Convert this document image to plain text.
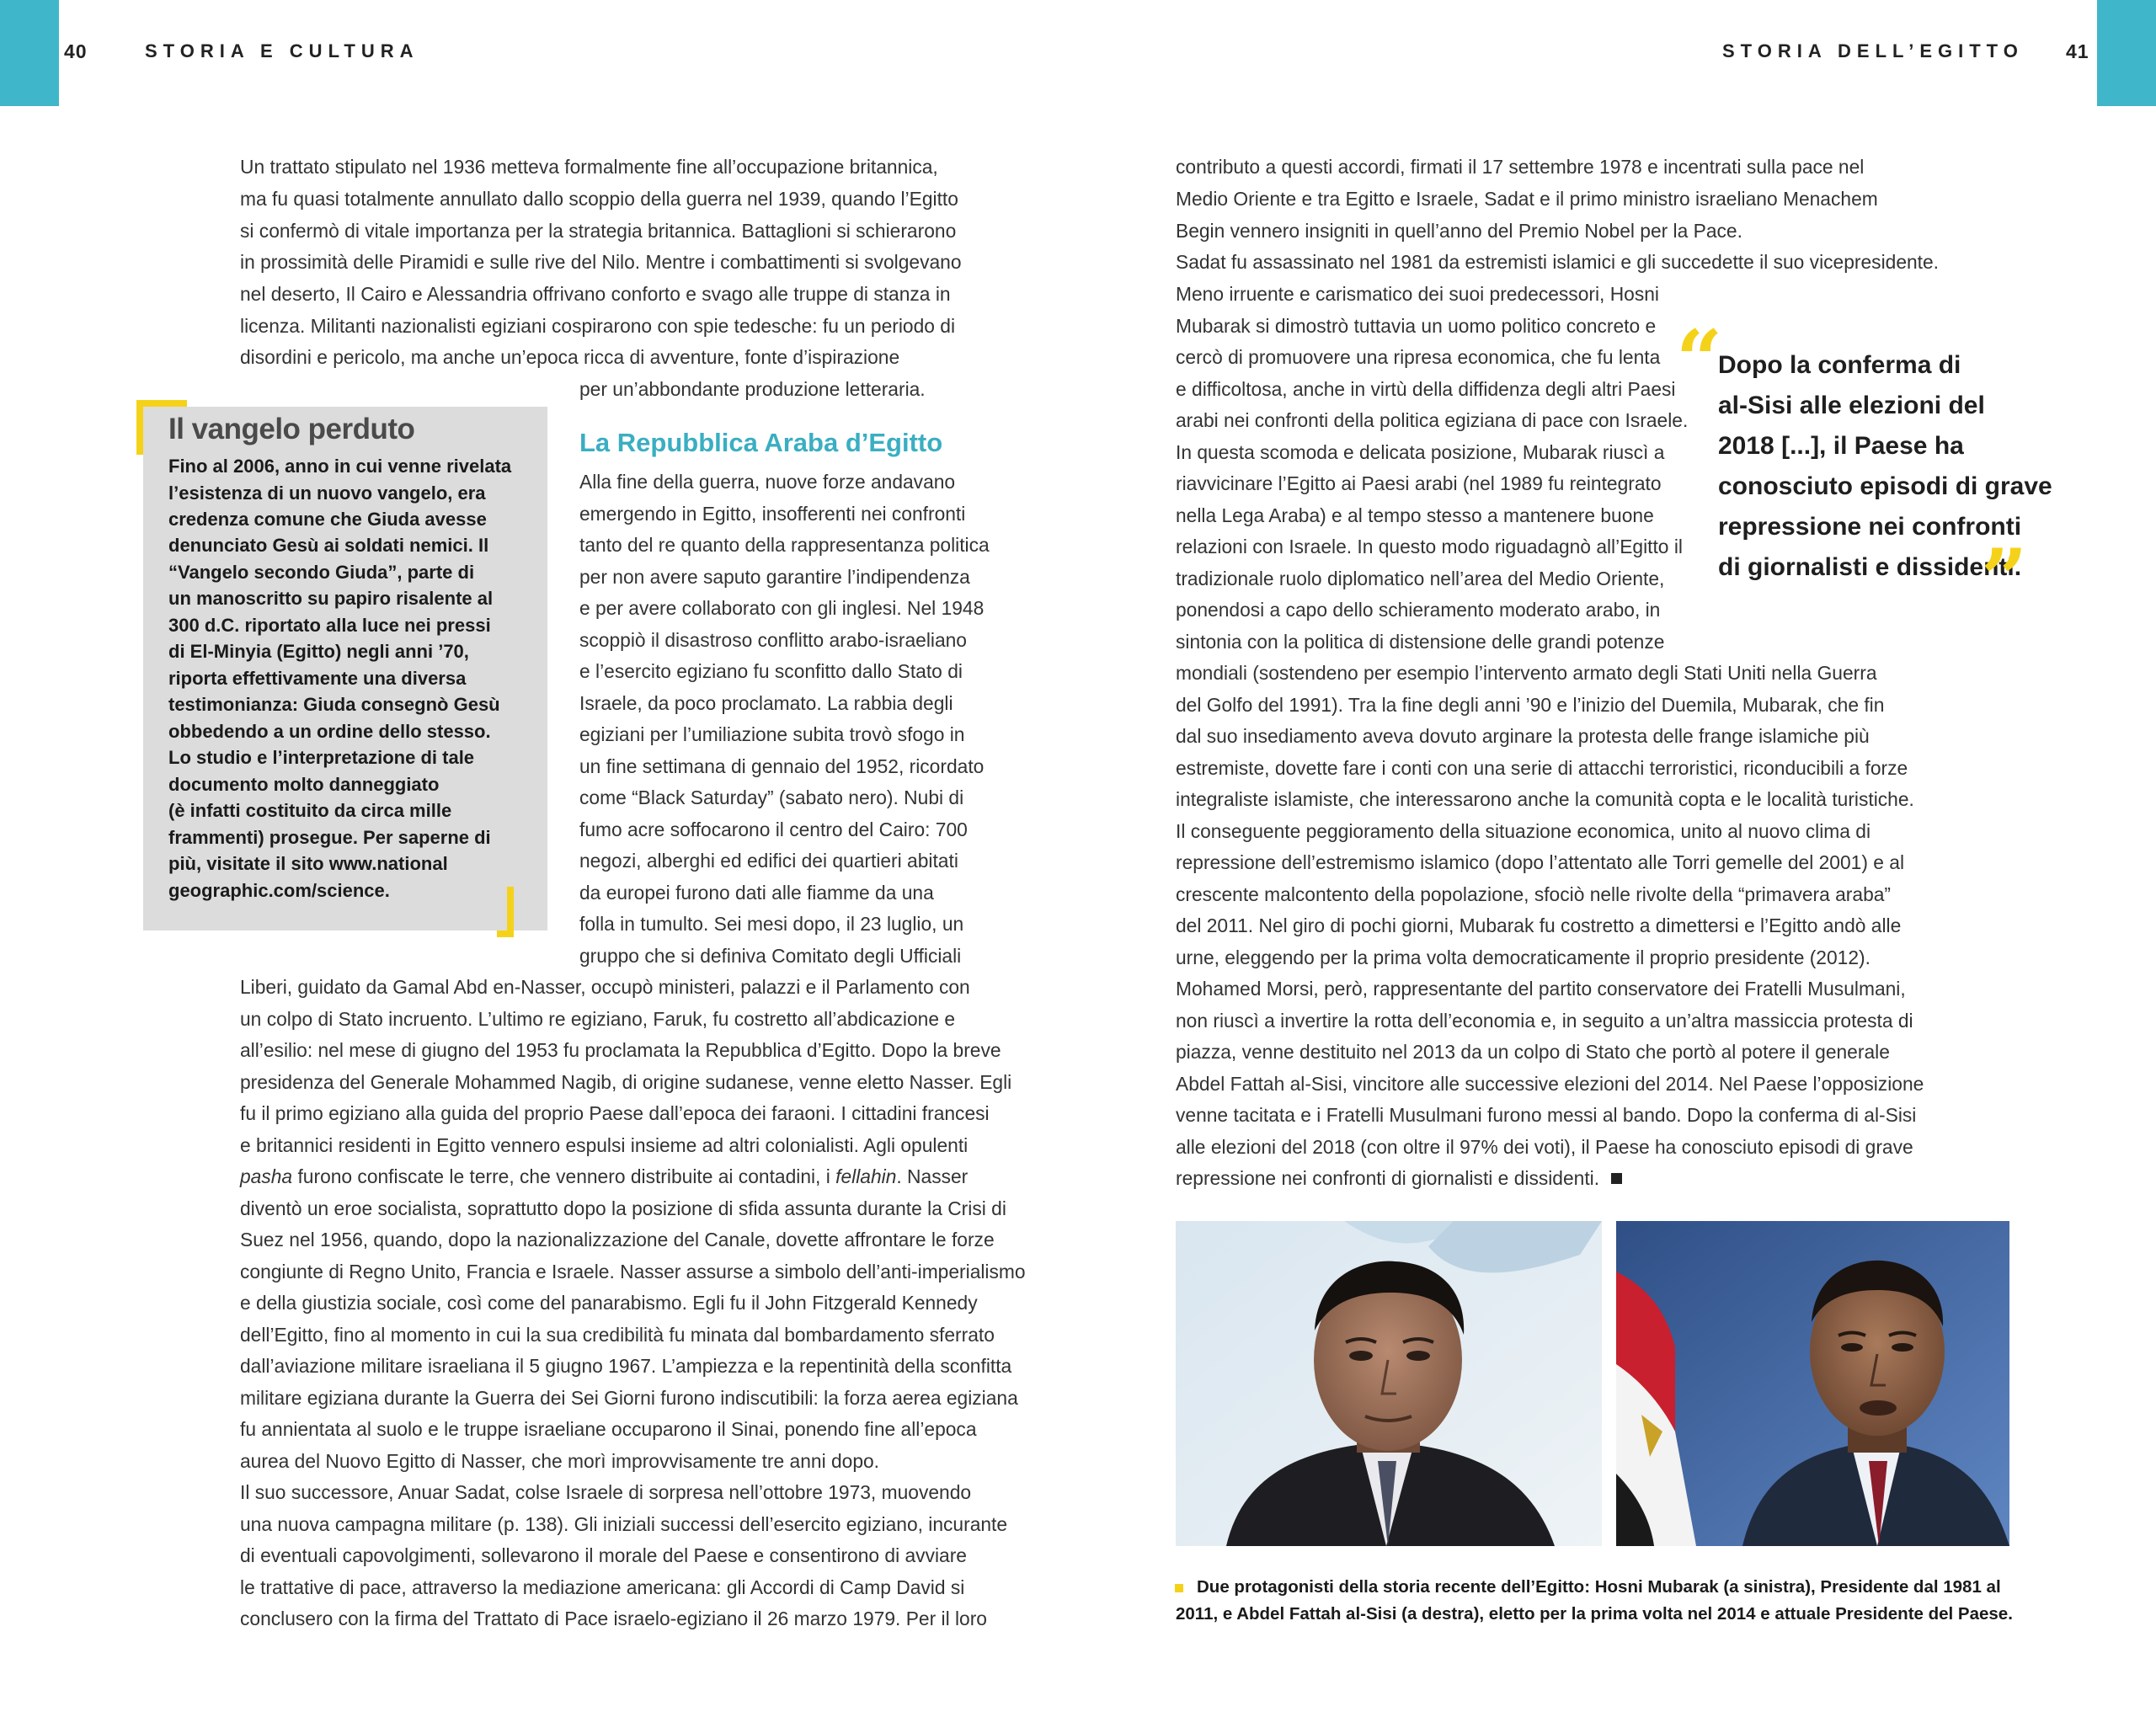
40	STORIA E CULTURA	STORIA DELL’EGITTO 41
Un trattato stipulato nel 1936 metteva formalmente fine all’occupazione britannica,
ma fu quasi totalmente annullato dallo scoppio della guerra nel 1939, quando l’Egitto
si confermò di vitale importanza per la strategia britannica. Battaglioni si schierarono
in prossimità delle Piramidi e sulle rive del Nilo. Mentre i combattimenti si svolgevano
nel deserto, Il Cairo e Alessandria offrivano conforto e svago alle truppe di stanza in
licenza. Militanti nazionalisti egiziani cospirarono con spie tedesche: fu un periodo di
disordini e pericolo, ma anche un’epoca ricca di avventure, fonte d’ispirazione
per un’abbondante produzione letteraria.
Il vangelo perduto
Fino al 2006, anno in cui venne rivelata
l’esistenza di un nuovo vangelo, era
credenza comune che Giuda avesse
denunciato Gesù ai soldati nemici. Il
“Vangelo secondo Giuda”, parte di
un manoscritto su papiro risalente al
300 d.C. riportato alla luce nei pressi
di El-Minyia (Egitto) negli anni ’70,
riporta effettivamente una diversa
testimonianza: Giuda consegnò Gesù
obbedendo a un ordine dello stesso.
Lo studio e l’interpretazione di tale
documento molto danneggiato
(è infatti costituito da circa mille
frammenti) prosegue. Per saperne di
più, visitate il sito www.national
geographic.com/science.
La Repubblica Araba d’Egitto
Alla fine della guerra, nuove forze andavano
emergendo in Egitto, insofferenti nei confronti
tanto del re quanto della rappresentanza politica
per non avere saputo garantire l’indipendenza
e per avere collaborato con gli inglesi. Nel 1948
scoppiò il disastroso conflitto arabo-israeliano
e l’esercito egiziano fu sconfitto dallo Stato di
Israele, da poco proclamato. La rabbia degli
egiziani per l’umiliazione subita trovò sfogo in
un fine settimana di gennaio del 1952, ricordato
come “Black Saturday” (sabato nero). Nubi di
fumo acre soffocarono il centro del Cairo: 700
negozi, alberghi ed edifici dei quartieri abitati
da europei furono dati alle fiamme da una
folla in tumulto. Sei mesi dopo, il 23 luglio, un
gruppo che si definiva Comitato degli Ufficiali
Liberi, guidato da Gamal Abd en-Nasser, occupò ministeri, palazzi e il Parlamento con
un colpo di Stato incruento. L’ultimo re egiziano, Faruk, fu costretto all’abdicazione e
all’esilio: nel mese di giugno del 1953 fu proclamata la Repubblica d’Egitto. Dopo la breve
presidenza del Generale Mohammed Nagib, di origine sudanese, venne eletto Nasser. Egli
fu il primo egiziano alla guida del proprio Paese dall’epoca dei faraoni. I cittadini francesi
e britannici residenti in Egitto vennero espulsi insieme ad altri colonialisti. Agli opulenti
pasha furono confiscate le terre, che vennero distribuite ai contadini, i fellahin. Nasser
diventò un eroe socialista, soprattutto dopo la posizione di sfida assunta durante la Crisi di
Suez nel 1956, quando, dopo la nazionalizzazione del Canale, dovette affrontare le forze
congiunte di Regno Unito, Francia e Israele. Nasser assurse a simbolo dell’anti-imperialismo
e della giustizia sociale, così come del panarabismo. Egli fu il John Fitzgerald Kennedy
dell’Egitto, fino al momento in cui la sua credibilità fu minata dal bombardamento sferrato
dall’aviazione militare israeliana il 5 giugno 1967. L’ampiezza e la repentinità della sconfitta
militare egiziana durante la Guerra dei Sei Giorni furono indiscutibili: la forza aerea egiziana
fu annientata al suolo e le truppe israeliane occuparono il Sinai, ponendo fine all’epoca
aurea del Nuovo Egitto di Nasser, che morì improvvisamente tre anni dopo.
Il suo successore, Anuar Sadat, colse Israele di sorpresa nell’ottobre 1973, muovendo
una nuova campagna militare (p. 138). Gli iniziali successi dell’esercito egiziano, incurante
di eventuali capovolgimenti, sollevarono il morale del Paese e consentirono di avviare
le trattative di pace, attraverso la mediazione americana: gli Accordi di Camp David si
conclusero con la firma del Trattato di Pace israelo-egiziano il 26 marzo 1979. Per il loro
contributo a questi accordi, firmati il 17 settembre 1978 e incentrati sulla pace nel
Medio Oriente e tra Egitto e Israele, Sadat e il primo ministro israeliano Menachem
Begin vennero insigniti in quell’anno del Premio Nobel per la Pace.
Sadat fu assassinato nel 1981 da estremisti islamici e gli succedette il suo vicepresidente.
Meno irruente e carismatico dei suoi predecessori, Hosni
Mubarak si dimostrò tuttavia un uomo politico concreto e
cercò di promuovere una ripresa economica, che fu lenta
e difficoltosa, anche in virtù della diffidenza degli altri Paesi
arabi nei confronti della politica egiziana di pace con Israele.
In questa scomoda e delicata posizione, Mubarak riuscì a
riavvicinare l’Egitto ai Paesi arabi (nel 1989 fu reintegrato
nella Lega Araba) e al tempo stesso a mantenere buone
relazioni con Israele. In questo modo riguadagnò all’Egitto il
tradizionale ruolo diplomatico nell’area del Medio Oriente,
ponendosi a capo dello schieramento moderato arabo, in
sintonia con la politica di distensione delle grandi potenze
mondiali (sostendeno per esempio l’intervento armato degli Stati Uniti nella Guerra
del Golfo del 1991). Tra la fine degli anni ’90 e l’inizio del Duemila, Mubarak, che fin
dal suo insediamento aveva dovuto arginare la protesta delle frange islamiche più
estremiste, dovette fare i conti con una serie di attacchi terroristici, riconducibili a forze
integraliste islamiste, che interessarono anche la comunità copta e le località turistiche.
Il conseguente peggioramento della situazione economica, unito al nuovo clima di
repressione dell’estremismo islamico (dopo l’attentato alle Torri gemelle del 2001) e al
crescente malcontento della popolazione, sfociò nelle rivolte della “primavera araba”
del 2011. Nel giro di pochi giorni, Mubarak fu costretto a dimettersi e l’Egitto andò alle
urne, eleggendo per la prima volta democraticamente il proprio presidente (2012).
Mohamed Morsi, però, rappresentante del partito conservatore dei Fratelli Musulmani,
non riuscì a invertire la rotta dell’economia e, in seguito a un’altra massiccia protesta di
piazza, venne destituito nel 2013 da un colpo di Stato che portò al potere il generale
Abdel Fattah al-Sisi, vincitore alle successive elezioni del 2014. Nel Paese l’opposizione
venne tacitata e i Fratelli Musulmani furono messi al bando. Dopo la conferma di al-Sisi
alle elezioni del 2018 (con oltre il 97% dei voti), il Paese ha conosciuto episodi di grave
repressione nei confronti di giornalisti e dissidenti.
“
Dopo la conferma di
al-Sisi alle elezioni del
2018 [...], il Paese ha
conosciuto episodi di grave
repressione nei confronti
di giornalisti e dissidenti.
”
Due protagonisti della storia recente dell’Egitto: Hosni Mubarak (a sinistra), Presidente dal 1981 al
2011, e Abdel Fattah al-Sisi (a destra), eletto per la prima volta nel 2014 e attuale Presidente del Paese.
